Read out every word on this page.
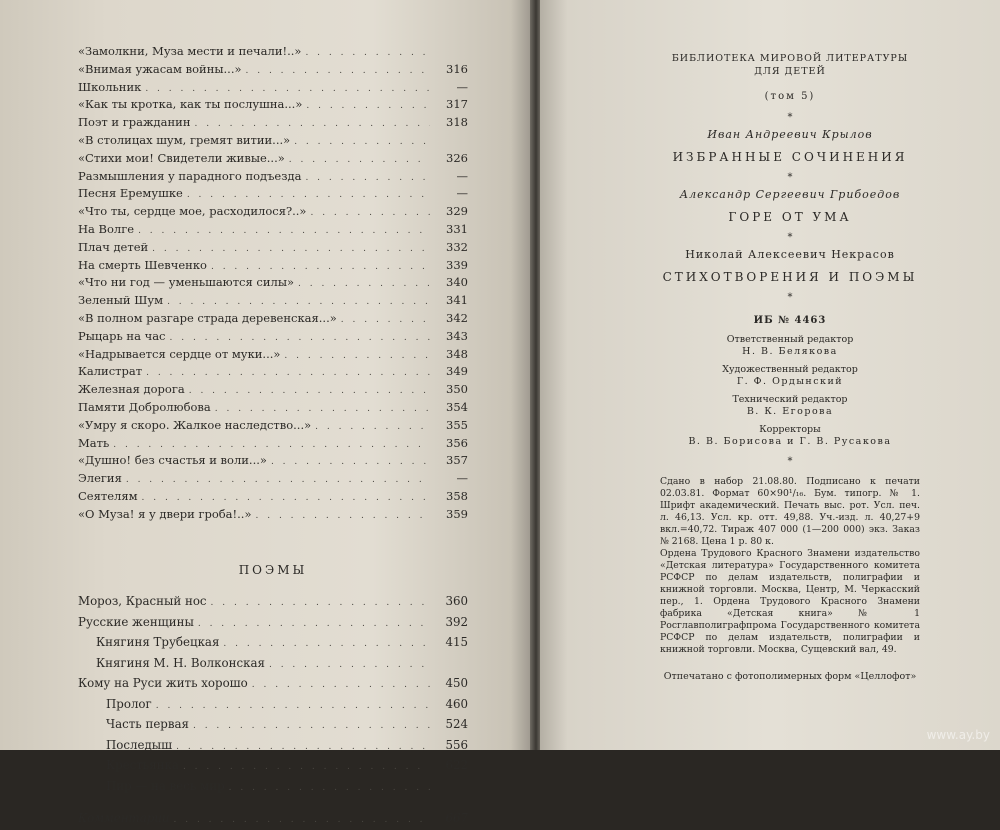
«Замолкни, Муза мести и печали!..»
. . .
«Внимая ужасам войны...» . . .	316
Школьник . . .	—
«Как ты кротка, как ты послушна...» . . .	317
Поэт и гражданин . . .	318
«В столицах шум, гремят витии...»
. . .
«Стихи мои! Свидетели живые...» . . .	326
Размышления у парадного подъезда . . .	—
Песня Еремушке . . .	—
«Что ты, сердце мое, расходилося?..» . . .	329
На Волге . . .	331
Плач детей . . .	332
На смерть Шевченко . . .	339
«Что ни год — уменьшаются силы» . . .	340
Зеленый Шум . . .	341
«В полном разгаре страда деревенская...» . . .	342
Рыцарь на час . . .	343
«Надрывается сердце от муки...» . . .	348
Калистрат . . .	349
Железная дорога . . .	350
Памяти Добролюбова . . .	354
«Умру я скоро. Жалкое наследство...» . . .	355
Мать . . .	356
«Душно! без счастья и воли...» . . .	357
Элегия . . .	—
Сеятелям . . .	358
«О Муза! я у двери гроба!..» . . .	359
ПОЭМЫ
Мороз, Красный нос . . .	360
Русские женщины . . .	392
Княгиня Трубецкая . . .	415
Княгиня М. Н. Волконская
. . .
Кому на Руси жить хорошо . . .	450
Пролог . . .	460
Часть первая . . .	524
Последыш . . .	556
Крестьянка . . .	622
Пир — на весь мир
. . .
Комментарии . . .	667
БИБЛИОТЕКА МИРОВОЙ ЛИТЕРАТУРЫ
ДЛЯ ДЕТЕЙ
(том 5)
*
Иван Андреевич Крылов
ИЗБРАННЫЕ СОЧИНЕНИЯ
*
Александр Сергеевич Грибоедов
ГОРЕ ОТ УМА
*
Николай Алексеевич Некрасов
СТИХОТВОРЕНИЯ И ПОЭМЫ
*
ИБ № 4463
Ответственный редактор
Н. В. Белякова
Художественный редактор
Г. Ф. Ордынский
Технический редактор
В. К. Егорова
Корректоры
В. В. Борисова и Г. В. Русакова
*

Сдано в набор 21.08.80. Подписано к печати 02.03.81. Формат 60×90¹/₁₆. Бум. типогр. № 1. Шрифт академический. Печать выс. рот. Усл. печ. л. 46,13. Усл. кр. отт. 49,88. Уч.-изд. л. 40,27+9 вкл.=40,72. Тираж 407 000 (1—200 000) экз. Заказ № 2168. Цена 1 р. 80 к.

Ордена Трудового Красного Знамени издательство «Детская литература» Государственного комитета РСФСР по делам издательств, полиграфии и книжной торговли. Москва, Центр, М. Черкасский пер., 1. Ордена Трудового Красного Знамени фабрика «Детская книга» № 1 Росглавполиграфпрома Государственного комитета РСФСР по делам издательств, полиграфии и книжной торговли. Москва, Сущевский вал, 49.

Отпечатано с фотополимерных форм «Целлофот»
www.ay.by
